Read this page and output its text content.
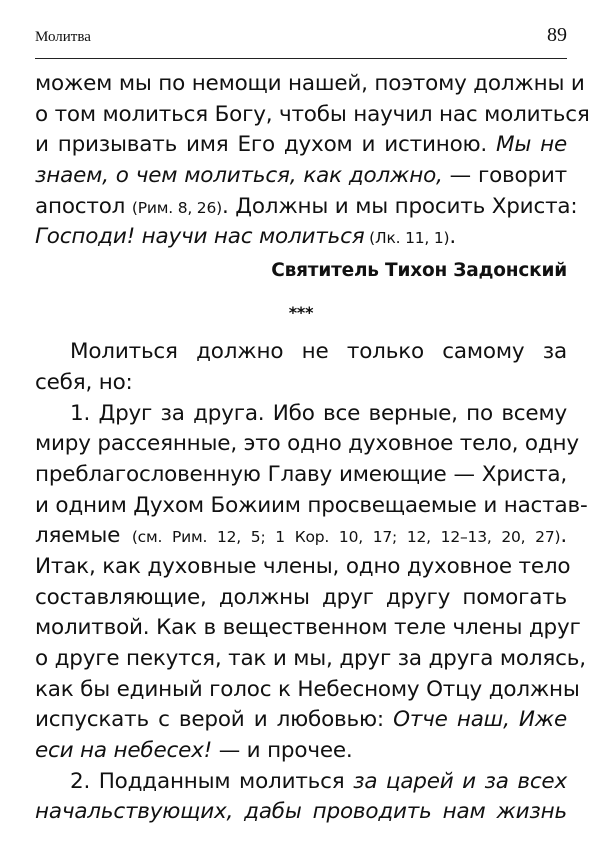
Молитва	89
можем мы по немощи нашей, поэтому должны и
о том молиться Богу, чтобы научил нас молиться
и призывать имя Его духом и истиною. Мы не
знаем, о чем молиться, как должно, — говорит
апостол (Рим. 8, 26). Должны и мы просить Христа:
Господи! научи нас молиться (Лк. 11, 1).
Святитель Тихон Задонский
***
Молиться должно не только самому за
себя, но:
1. Друг за друга. Ибо все верные, по всему
миру рассеянные, это одно духовное тело, одну
преблагословенную Главу имеющие — Христа,
и одним Духом Божиим просвещаемые и настав-
ляемые (см. Рим. 12, 5; 1 Кор. 10, 17; 12, 12–13, 20, 27).
Итак, как духовные члены, одно духовное тело
составляющие, должны друг другу помогать
молитвой. Как в вещественном теле члены друг
о друге пекутся, так и мы, друг за друга молясь,
как бы единый голос к Небесному Отцу должны
испускать с верой и любовью: Отче наш, Иже
еси на небесех! — и прочее.
2. Подданным молиться за царей и за всех
начальствующих, дабы проводить нам жизнь
